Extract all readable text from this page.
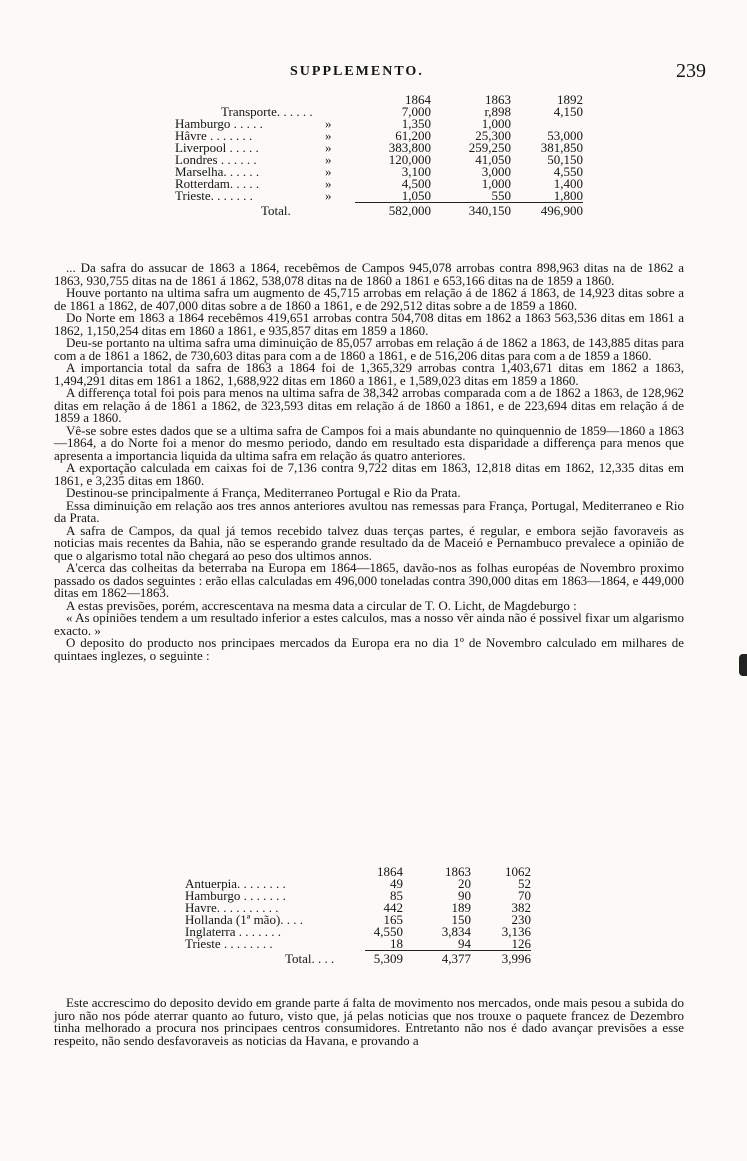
SUPPLEMENTO.	239
		1864	1863	1892
Transporte. . . . . .		7,000	r,898	4,150
Hamburgo . . . . .	»	1,350	1,000	
Hâvre . . . . . . .	»	61,200	25,300	53,000
Liverpool . . . . .	»	383,800	259,250	381,850
Londres . . . . . .	»	120,000	41,050	50,150
Marselha. . . . . .	»	3,100	3,000	4,550
Rotterdam. . . . .	»	4,500	1,000	1,400
Trieste. . . . . . .	»	1,050	550	1,800
Total.		582,000	340,150	496,900

... Da safra do assucar de 1863 a 1864, recebêmos de Campos 945,078 arrobas contra 898,963 ditas na de 1862 a 1863, 930,755 ditas na de 1861 á 1862, 538,078 ditas na de 1860 a 1861 e 653,166 ditas na de 1859 a 1860.

Houve portanto na ultima safra um augmento de 45,715 arrobas em relação á de 1862 á 1863, de 14,923 ditas sobre a de 1861 a 1862, de 407,000 ditas sobre a de 1860 a 1861, e de 292,512 ditas sobre a de 1859 a 1860.

Do Norte em 1863 a 1864 recebêmos 419,651 arrobas contra 504,708 ditas em 1862 a 1863 563,536 ditas em 1861 a 1862, 1,150,254 ditas em 1860 a 1861, e 935,857 ditas em 1859 a 1860.

Deu-se portanto na ultima safra uma diminuição de 85,057 arrobas em relação á de 1862 a 1863, de 143,885 ditas para com a de 1861 a 1862, de 730,603 ditas para com a de 1860 a 1861, e de 516,206 ditas para com a de 1859 a 1860.

A importancia total da safra de 1863 a 1864 foi de 1,365,329 arrobas contra 1,403,671 ditas em 1862 a 1863, 1,494,291 ditas em 1861 a 1862, 1,688,922 ditas em 1860 a 1861, e 1,589,023 ditas em 1859 a 1860.

A differença total foi pois para menos na ultima safra de 38,342 arrobas comparada com a de 1862 a 1863, de 128,962 ditas em relação á de 1861 a 1862, de 323,593 ditas em relação á de 1860 a 1861, e de 223,694 ditas em relação á de 1859 a 1860.

Vê-se sobre estes dados que se a ultima safra de Campos foi a mais abundante no quinquennio de 1859—1860 a 1863—1864, a do Norte foi a menor do mesmo periodo, dando em resultado esta disparidade a differença para menos que apresenta a importancia liquida da ultima safra em relação ás quatro anteriores.

A exportação calculada em caixas foi de 7,136 contra 9,722 ditas em 1863, 12,818 ditas em 1862, 12,335 ditas em 1861, e 3,235 ditas em 1860.

Destinou-se principalmente á França, Mediterraneo Portugal e Rio da Prata.

Essa diminuição em relação aos tres annos anteriores avultou nas remessas para França, Portugal, Mediterraneo e Rio da Prata.

A safra de Campos, da qual já temos recebido talvez duas terças partes, é regular, e embora sejão favoraveis as noticias mais recentes da Bahia, não se esperando grande resultado da de Maceió e Pernambuco prevalece a opinião de que o algarismo total não chegará ao peso dos ultimos annos.

A'cerca das colheitas da beterraba na Europa em 1864—1865, davão-nos as folhas européas de Novembro proximo passado os dados seguintes : erão ellas calculadas em 496,000 toneladas contra 390,000 ditas em 1863—1864, e 449,000 ditas em 1862—1863.

A estas previsões, porém, accrescentava na mesma data a circular de T. O. Licht, de Magdeburgo :

« As opiniões tendem a um resultado inferior a estes calculos, mas a nosso vêr ainda não é possivel fixar um algarismo exacto. »

O deposito do producto nos principaes mercados da Europa era no dia 1º de Novembro calculado em milhares de quintaes inglezes, o seguinte :

	1864	1863	1062
Antuerpia. . . . . . . .	49	20	52
Hamburgo . . . . . . .	85	90	70
Havre. . . . . . . . . .	442	189	382
Hollanda (1ª mão). . . .	165	150	230
Inglaterra . . . . . . .	4,550	3,834	3,136
Trieste . . . . . . . .	18	94	126
Total. . . .	5,309	4,377	3,996

Este accrescimo do deposito devido em grande parte á falta de movimento nos mercados, onde mais pesou a subida do juro não nos póde aterrar quanto ao futuro, visto que, já pelas noticias que nos trouxe o paquete francez de Dezembro tinha melhorado a procura nos principaes centros consumidores. Entretanto não nos é dado avançar previsões a esse respeito, não sendo desfavoraveis as noticias da Havana, e provando a
